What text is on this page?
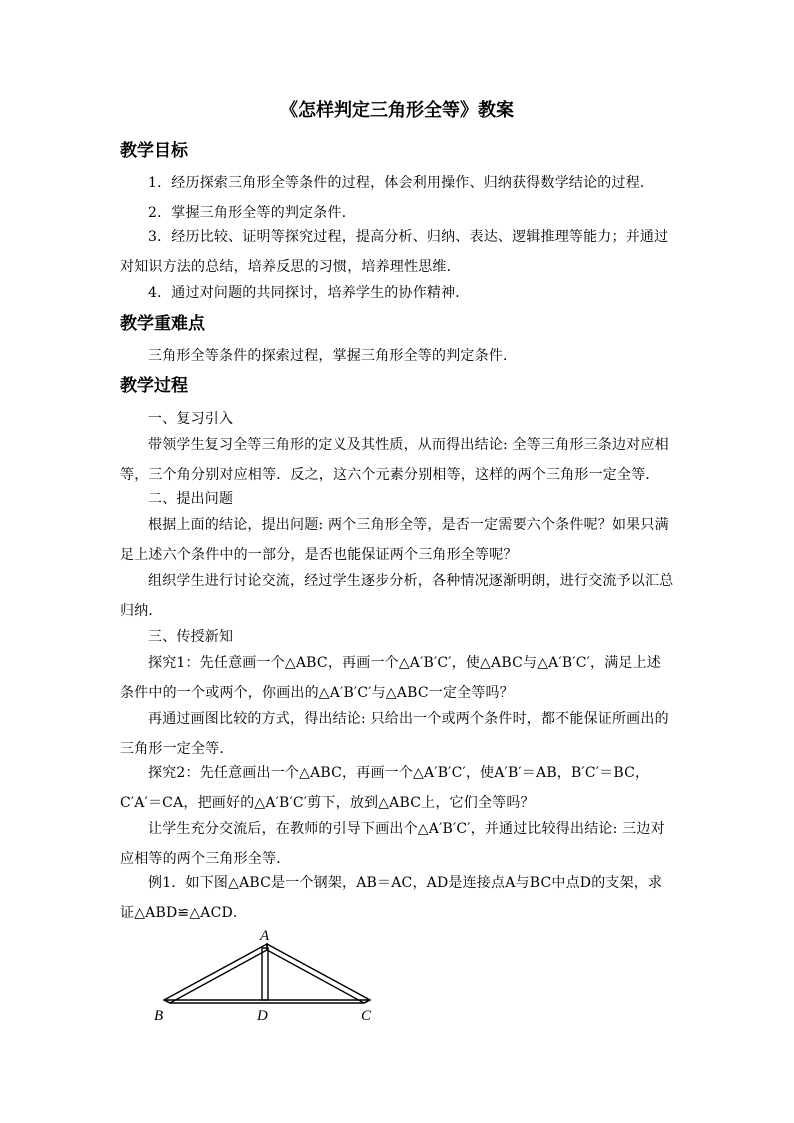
《怎样判定三角形全等》教案
教学目标
1．经历探索三角形全等条件的过程，体会利用操作、归纳获得数学结论的过程．
2．掌握三角形全等的判定条件．
3．经历比较、证明等探究过程，提高分析、归纳、表达、逻辑推理等能力；并通过对知识方法的总结，培养反思的习惯，培养理性思维．
4．通过对问题的共同探讨，培养学生的协作精神．
教学重难点
三角形全等条件的探索过程，掌握三角形全等的判定条件．
教学过程
一、复习引入
带领学生复习全等三角形的定义及其性质，从而得出结论: 全等三角形三条边对应相等，三个角分别对应相等．反之，这六个元素分别相等，这样的两个三角形一定全等．
二、提出问题
根据上面的结论，提出问题: 两个三角形全等，是否一定需要六个条件呢？如果只满足上述六个条件中的一部分，是否也能保证两个三角形全等呢？
组织学生进行讨论交流，经过学生逐步分析，各种情况逐渐明朗，进行交流予以汇总归纳．
三、传授新知
探究1：先任意画一个△ABC，再画一个△A′B′C′，使△ABC与△A′B′C′，满足上述条件中的一个或两个，你画出的△A′B′C′与△ABC一定全等吗？
再通过画图比较的方式，得出结论: 只给出一个或两个条件时，都不能保证所画出的三角形一定全等．
探究2：先任意画出一个△ABC，再画一个△A′B′C′，使A′B′＝AB，B′C′＝BC，C′A′＝CA，把画好的△A′B′C′剪下，放到△ABC上，它们全等吗？
让学生充分交流后，在教师的引导下画出个△A′B′C′，并通过比较得出结论: 三边对应相等的两个三角形全等．
例1．如下图△ABC是一个钢架，AB＝AC，AD是连接点A与BC中点D的支架，求证△ABD≌△ACD．
A
B	D	C
